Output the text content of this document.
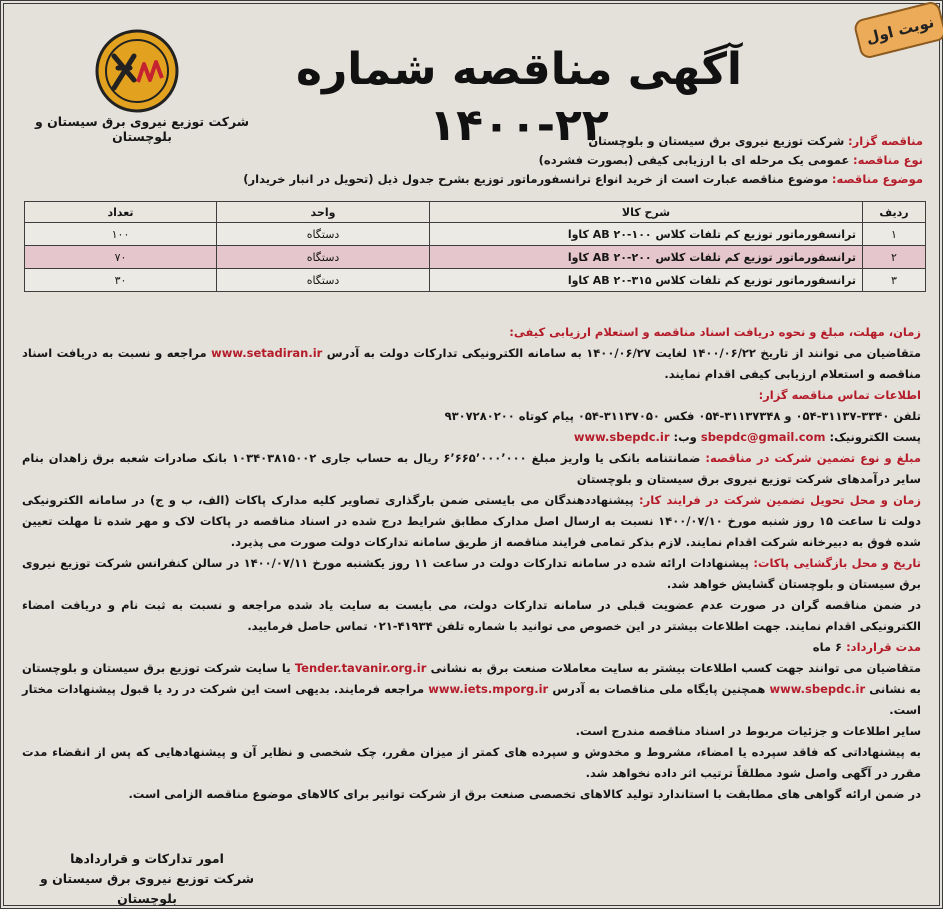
نوبت اول
آگهی مناقصه شماره ۲۲-۱۴۰۰
شرکت توزیع نیروی برق سیستان و بلوچستان	مناقصه گزار: شرکت توزیع نیروی برق سیستان و بلوچستان
نوع مناقصه: عمومی یک مرحله ای با ارزیابی کیفی (بصورت فشرده)
موضوع مناقصه: موضوع مناقصه عبارت است از خرید انواع ترانسفورماتور توزیع بشرح جدول ذیل (تحویل در انبار خریدار)
ردیف	شرح کالا	واحد	تعداد
۱	ترانسفورماتور توزیع کم تلفات کلاس AB ۲۰-۱۰۰ کاوا	دستگاه	۱۰۰
۲	ترانسفورماتور توزیع کم تلفات کلاس AB ۲۰-۲۰۰ کاوا	دستگاه	۷۰
۳	ترانسفورماتور توزیع کم تلفات کلاس AB ۲۰-۳۱۵ کاوا	دستگاه	۳۰

زمان، مهلت، مبلغ و نحوه دریافت اسناد مناقصه و استعلام ارزیابی کیفی:

متقاضیان می توانند از تاریخ ۱۴۰۰/۰۶/۲۲ لغایت ۱۴۰۰/۰۶/۲۷ به سامانه الکترونیکی تدارکات دولت به آدرس www.setadiran.ir مراجعه و نسبت به دریافت اسناد مناقصه و استعلام ارزیابی کیفی اقدام نمایند.

اطلاعات تماس مناقصه گزار:

تلفن ۳۳۴۰-۳۱۱۳۷-۰۵۴ و ۳۱۱۳۷۳۴۸-۰۵۴ فکس ۳۱۱۳۷۰۵۰-۰۵۴ پیام کوتاه ۹۳۰۷۲۸۰۲۰۰

پست الکترونیک: sbepdc@gmail.com وب: www.sbepdc.ir

مبلغ و نوع تضمین شرکت در مناقصه: ضمانتنامه بانکی یا واریز مبلغ ۶٬۶۶۵٬۰۰۰٬۰۰۰ ریال به حساب جاری ۱۰۳۴۰۳۸۱۵۰۰۲ بانک صادرات شعبه برق زاهدان بنام سایر درآمدهای شرکت توزیع نیروی برق سیستان و بلوچستان

زمان و محل تحویل تضمین شرکت در فرایند کار: پیشنهاددهندگان می بایستی ضمن بارگذاری تصاویر کلیه مدارک پاکات (الف، ب و ج) در سامانه الکترونیکی دولت تا ساعت ۱۵ روز شنبه مورخ ۱۴۰۰/۰۷/۱۰ نسبت به ارسال اصل مدارک مطابق شرایط درج شده در اسناد مناقصه در پاکات لاک و مهر شده تا مهلت تعیین شده فوق به دبیرخانه شرکت اقدام نمایند. لازم بذکر تمامی فرایند مناقصه از طریق سامانه تدارکات دولت صورت می پذیرد.

تاریخ و محل بازگشایی پاکات: پیشنهادات ارائه شده در سامانه تدارکات دولت در ساعت ۱۱ روز یکشنبه مورخ ۱۴۰۰/۰۷/۱۱ در سالن کنفرانس شرکت توزیع نیروی برق سیستان و بلوچستان گشایش خواهد شد.

در ضمن مناقصه گران در صورت عدم عضویت قبلی در سامانه تدارکات دولت، می بایست به سایت یاد شده مراجعه و نسبت به ثبت نام و دریافت امضاء الکترونیکی اقدام نمایند. جهت اطلاعات بیشتر در این خصوص می توانید با شماره تلفن ۴۱۹۳۴-۰۲۱ تماس حاصل فرمایید.

مدت قرارداد: ۶ ماه

متقاضیان می توانند جهت کسب اطلاعات بیشتر به سایت معاملات صنعت برق به نشانی Tender.tavanir.org.ir یا سایت شرکت توزیع برق سیستان و بلوچستان به نشانی www.sbepdc.ir همچنین پایگاه ملی مناقصات به آدرس www.iets.mporg.ir مراجعه فرمایند. بدیهی است این شرکت در رد یا قبول پیشنهادات مختار است.

سایر اطلاعات و جزئیات مربوط در اسناد مناقصه مندرج است.

به پیشنهاداتی که فاقد سپرده یا امضاء، مشروط و مخدوش و سپرده های کمتر از میزان مقرر، چک شخصی و نظایر آن و پیشنهادهایی که پس از انقضاء مدت مقرر در آگهی واصل شود مطلقاً ترتیب اثر داده نخواهد شد.

در ضمن ارائه گواهی های مطابقت با استاندارد تولید کالاهای تخصصی صنعت برق از شرکت توانیر برای کالاهای موضوع مناقصه الزامی است.

امور تدارکات و قراردادها
شرکت توزیع نیروی برق سیستان و بلوچستان
